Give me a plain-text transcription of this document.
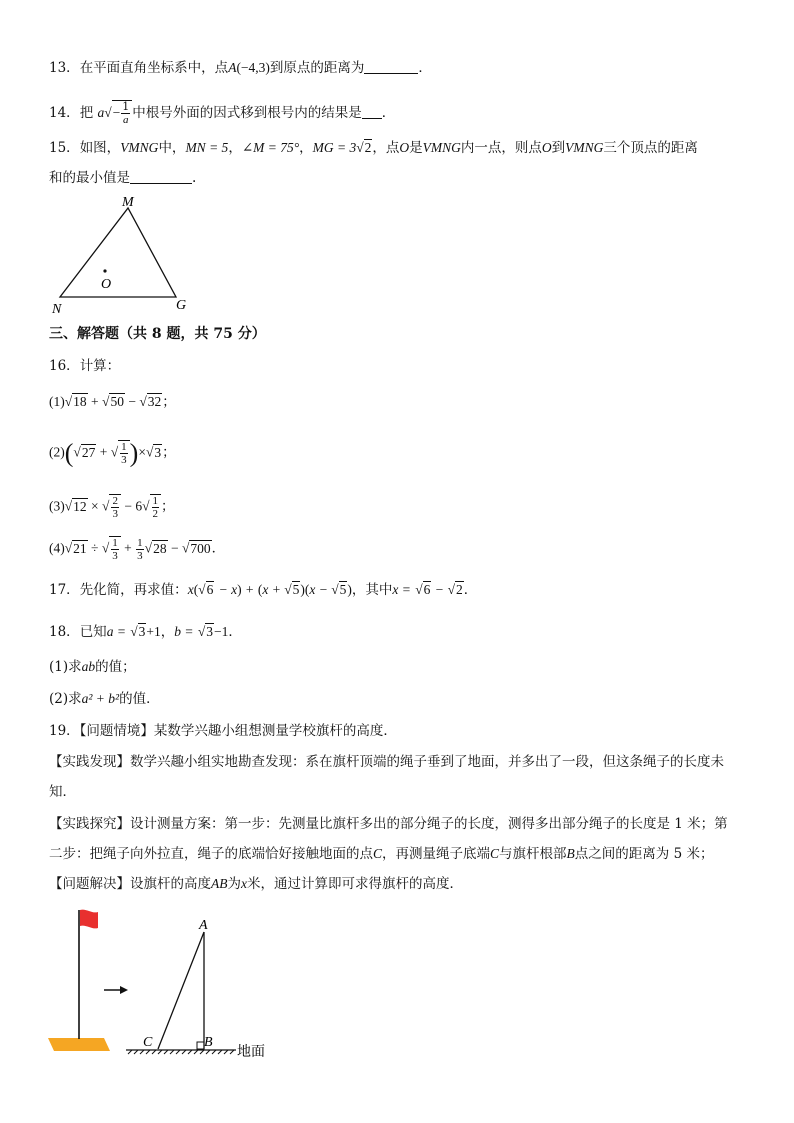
13．在平面直角坐标系中，点A(−4,3)到原点的距离为	．
14．把 $a√- \frac{1}{a}$ 中根号外面的因式移到根号内的结果是 ．
15．如图，VMNG中，MN = 5，∠M = 75°，MG = 3√2，点O是VMNG内一点，则点O到VMNG三个顶点的距离
和的最小值是	.
M
N	G
O
三、解答题（共 8 题，共 75 分）
16．计算：
(1)√18 + √50 − √32；
(2)(√27 + √ $\frac{1}{3} )\times√3$；
(3)√12 × √ $\frac{2}{3} - 6√ \frac{1}{2}$ ；
(4)√21 ÷ √ $\frac{1}{3} + \frac{1}{3} √28 - √700$．
17．先化简，再求值：x(√6 − x) + (x + √5)(x − √5)，其中x = √6 − √2．
18．已知a = √3+1，b = √3−1．
(1)求ab的值；
(2)求a² + b²的值．
19．【问题情境】某数学兴趣小组想测量学校旗杆的高度．
【实践发现】数学兴趣小组实地勘查发现：系在旗杆顶端的绳子垂到了地面，并多出了一段，但这条绳子的长度未
知．
【实践探究】设计测量方案：第一步：先测量比旗杆多出的部分绳子的长度，测得多出部分绳子的长度是 1 米；第
二步：把绳子向外拉直，绳子的底端恰好接触地面的点C，再测量绳子底端C与旗杆根部B点之间的距离为 5 米；
【问题解决】设旗杆的高度AB为x米，通过计算即可求得旗杆的高度．
A
B
C
地面
